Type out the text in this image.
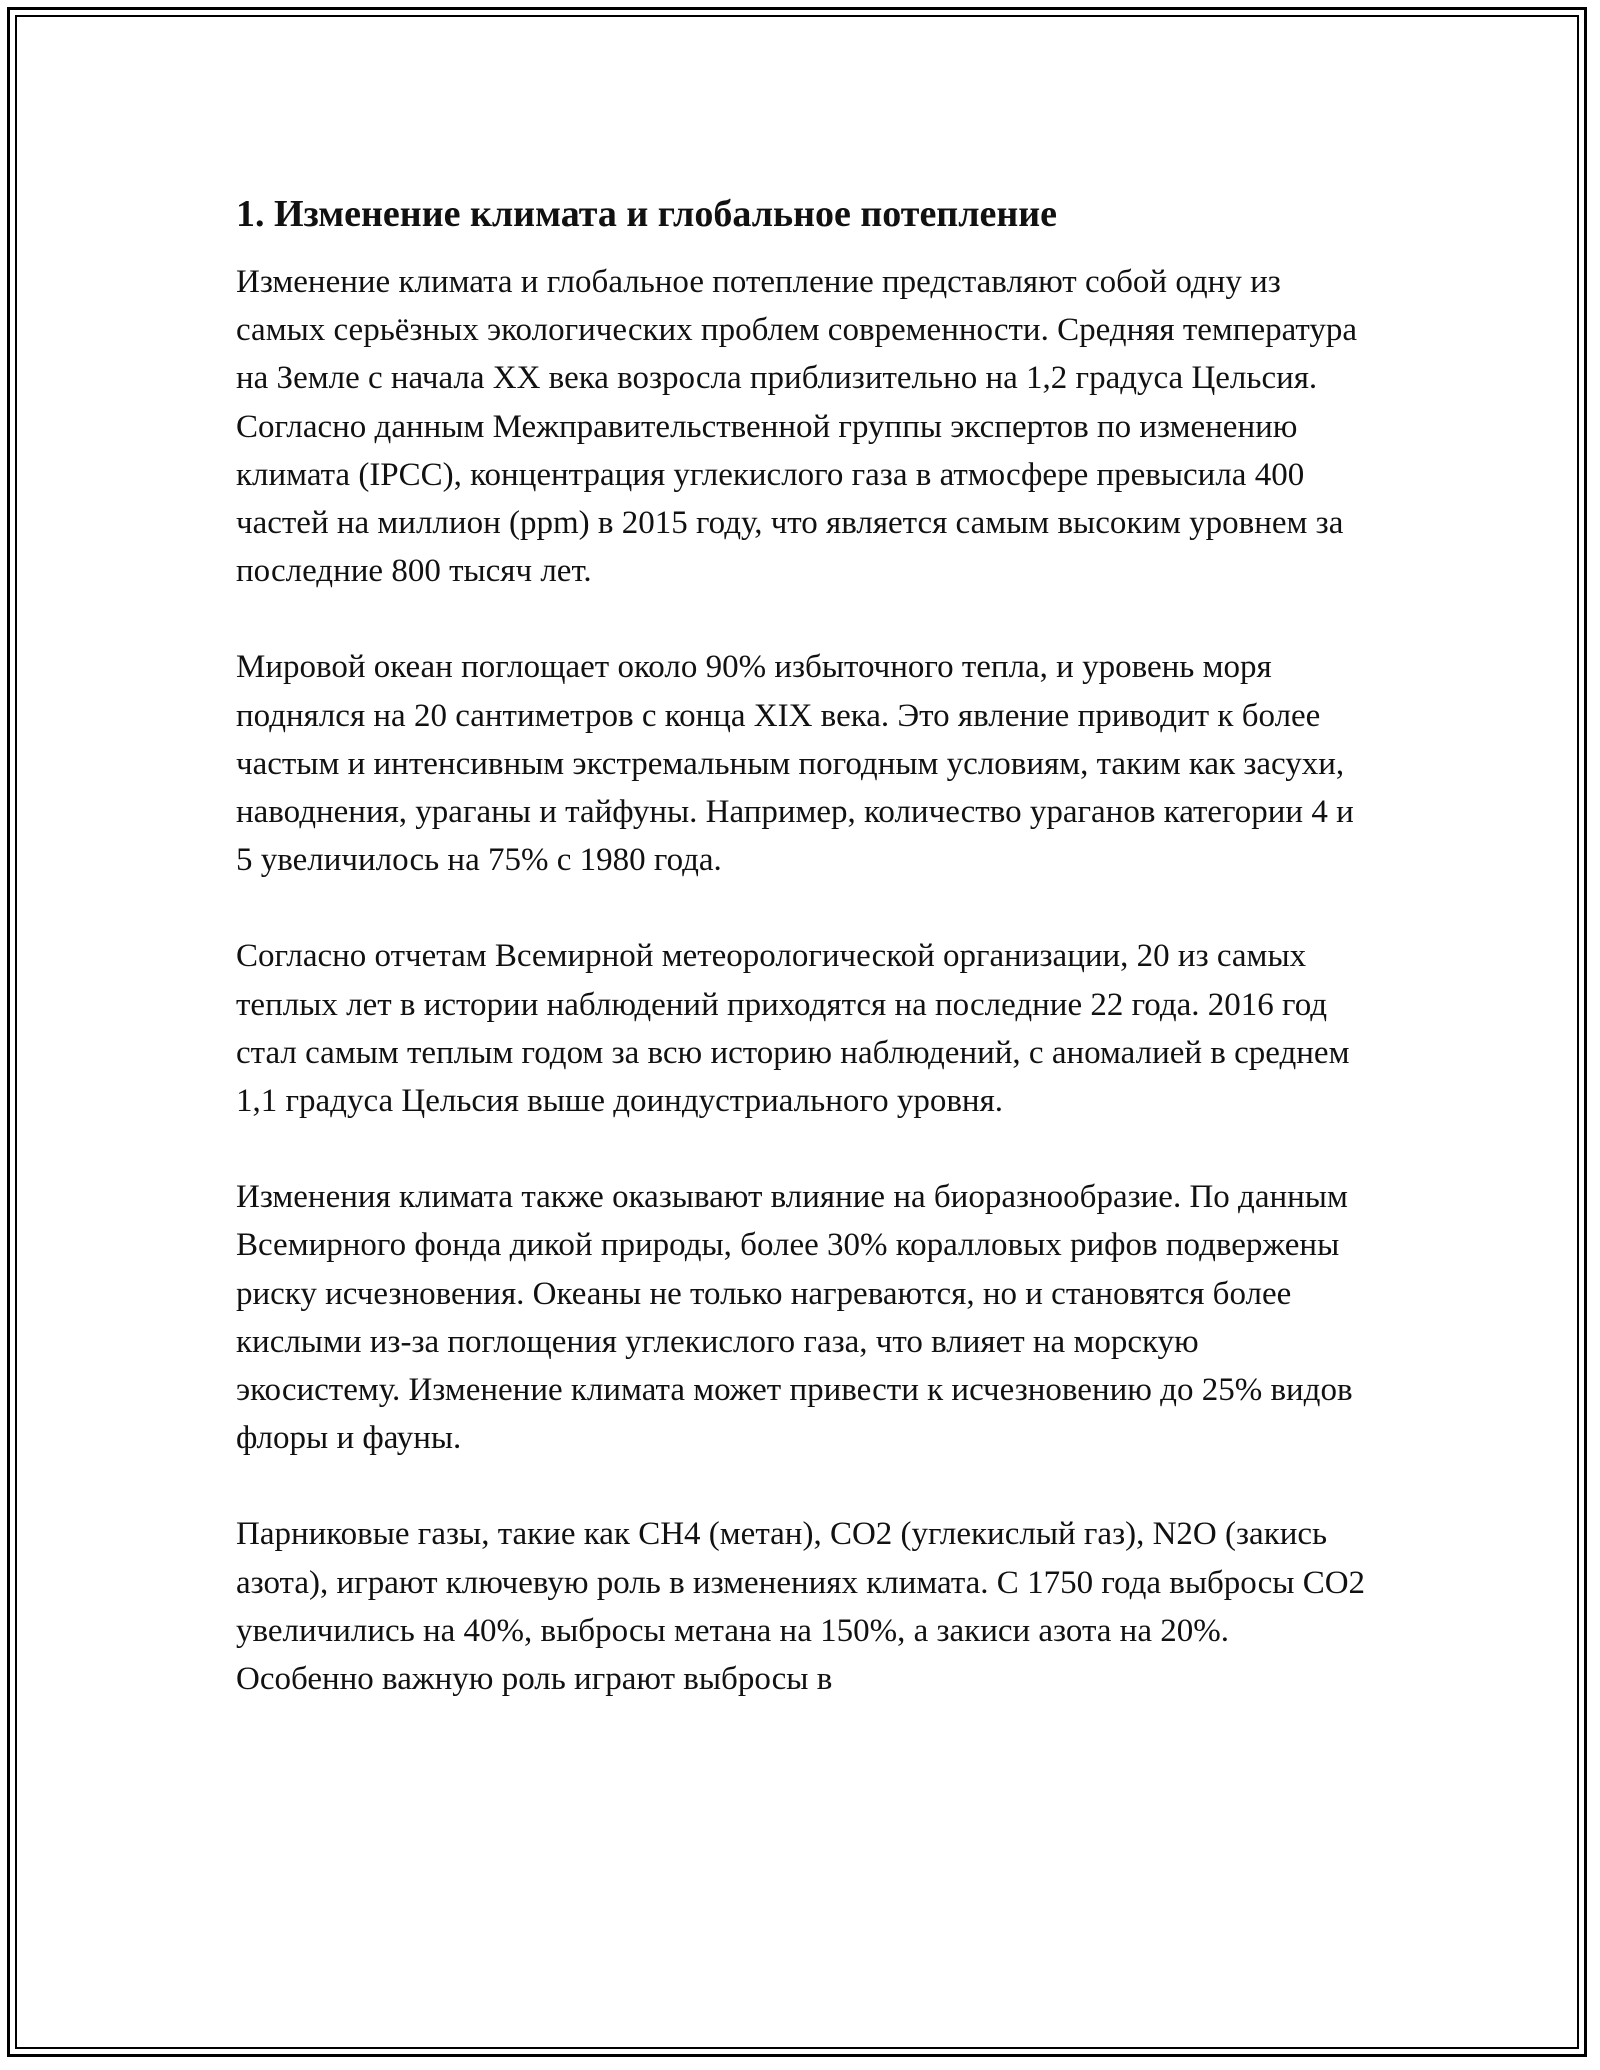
1. Изменение климата и глобальное потепление

Изменение климата и глобальное потепление представляют собой одну из самых серьёзных экологических проблем современности. Средняя температура на Земле с начала XX века возросла приблизительно на 1,2 градуса Цельсия. Согласно данным Межправительственной группы экспертов по изменению климата (IPCC), концентрация углекислого газа в атмосфере превысила 400 частей на миллион (ppm) в 2015 году, что является самым высоким уровнем за последние 800 тысяч лет.

Мировой океан поглощает около 90% избыточного тепла, и уровень моря поднялся на 20 сантиметров с конца XIX века. Это явление приводит к более частым и интенсивным экстремальным погодным условиям, таким как засухи, наводнения, ураганы и тайфуны. Например, количество ураганов категории 4 и 5 увеличилось на 75% с 1980 года.

Согласно отчетам Всемирной метеорологической организации, 20 из самых теплых лет в истории наблюдений приходятся на последние 22 года. 2016 год стал самым теплым годом за всю историю наблюдений, с аномалией в среднем 1,1 градуса Цельсия выше доиндустриального уровня.

Изменения климата также оказывают влияние на биоразнообразие. По данным Всемирного фонда дикой природы, более 30% коралловых рифов подвержены риску исчезновения. Океаны не только нагреваются, но и становятся более кислыми из-за поглощения углекислого газа, что влияет на морскую экосистему. Изменение климата может привести к исчезновению до 25% видов флоры и фауны.

Парниковые газы, такие как CH4 (метан), CO2 (углекислый газ), N2O (закись азота), играют ключевую роль в изменениях климата. С 1750 года выбросы CO2 увеличились на 40%, выбросы метана на 150%, а закиси азота на 20%. Особенно важную роль играют выбросы в
